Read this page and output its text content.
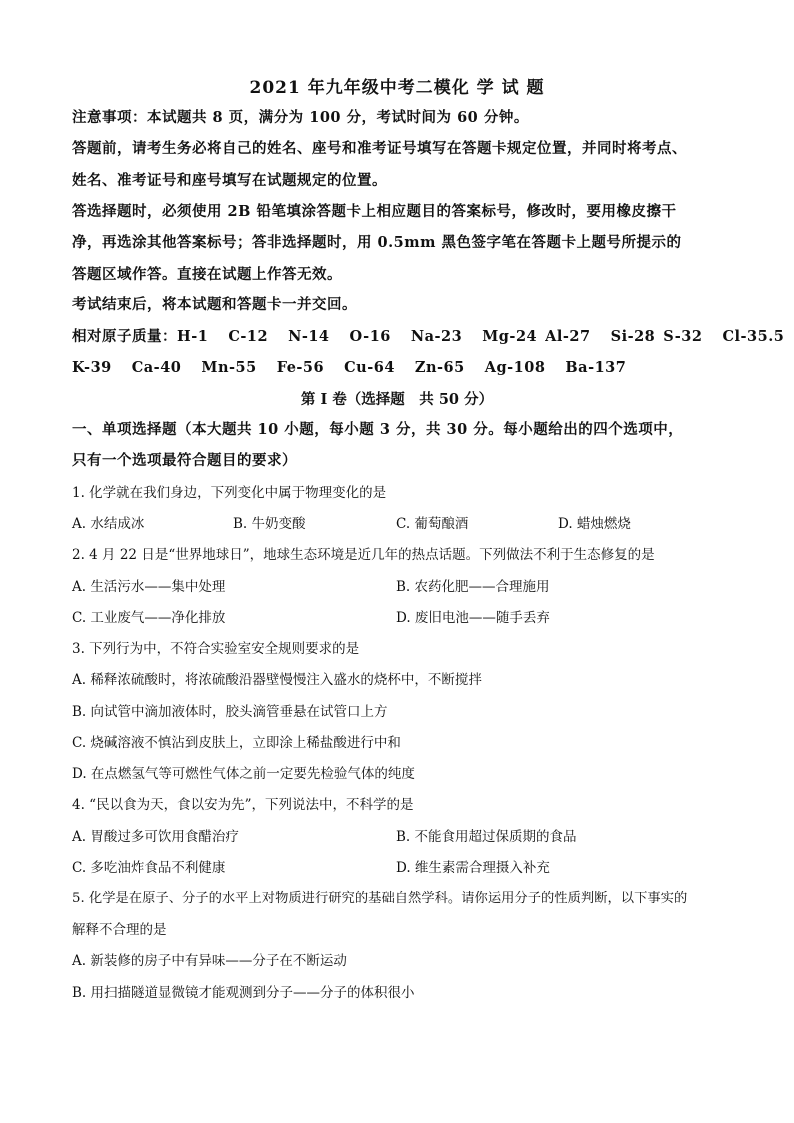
2021 年九年级中考二模化 学 试 题
注意事项：本试题共 8 页，满分为 100 分，考试时间为 60 分钟。
答题前，请考生务必将自己的姓名、座号和准考证号填写在答题卡规定位置，并同时将考点、
姓名、准考证号和座号填写在试题规定的位置。
答选择题时，必须使用 2B 铅笔填涂答题卡上相应题目的答案标号，修改时，要用橡皮擦干
净，再选涂其他答案标号；答非选择题时，用 0.5mm 黑色签字笔在答题卡上题号所提示的
答题区域作答。直接在试题上作答无效。
考试结束后，将本试题和答题卡一并交回。
相对原子质量：H-1 C-12 N-14 O-16 Na-23 Mg-24 Al-27 Si-28 S-32 Cl-35.5
K-39 Ca-40 Mn-55 Fe-56 Cu-64 Zn-65 Ag-108 Ba-137
第 I 卷（选择题　共 50 分）
一、单项选择题（本大题共 10 小题，每小题 3 分，共 30 分。每小题给出的四个选项中，
只有一个选项最符合题目的要求）
1. 化学就在我们身边，下列变化中属于物理变化的是
A. 水结成冰	B. 牛奶变酸	C. 葡萄酿酒	D. 蜡烛燃烧
2. 4 月 22 日是“世界地球日”，地球生态环境是近几年的热点话题。下列做法不利于生态修复的是
A. 生活污水——集中处理	B. 农药化肥——合理施用
C. 工业废气——净化排放	D. 废旧电池——随手丢弃
3. 下列行为中，不符合实验室安全规则要求的是
A. 稀释浓硫酸时，将浓硫酸沿器壁慢慢注入盛水的烧杯中，不断搅拌
B. 向试管中滴加液体时，胶头滴管垂悬在试管口上方
C. 烧碱溶液不慎沾到皮肤上，立即涂上稀盐酸进行中和
D. 在点燃氢气等可燃性气体之前一定要先检验气体的纯度
4. “民以食为天，食以安为先”，下列说法中，不科学的是
A. 胃酸过多可饮用食醋治疗	B. 不能食用超过保质期的食品
C. 多吃油炸食品不利健康	D. 维生素需合理摄入补充
5. 化学是在原子、分子的水平上对物质进行研究的基础自然学科。请你运用分子的性质判断，以下事实的
解释不合理的是
A. 新装修的房子中有异味——分子在不断运动
B. 用扫描隧道显微镜才能观测到分子——分子的体积很小
